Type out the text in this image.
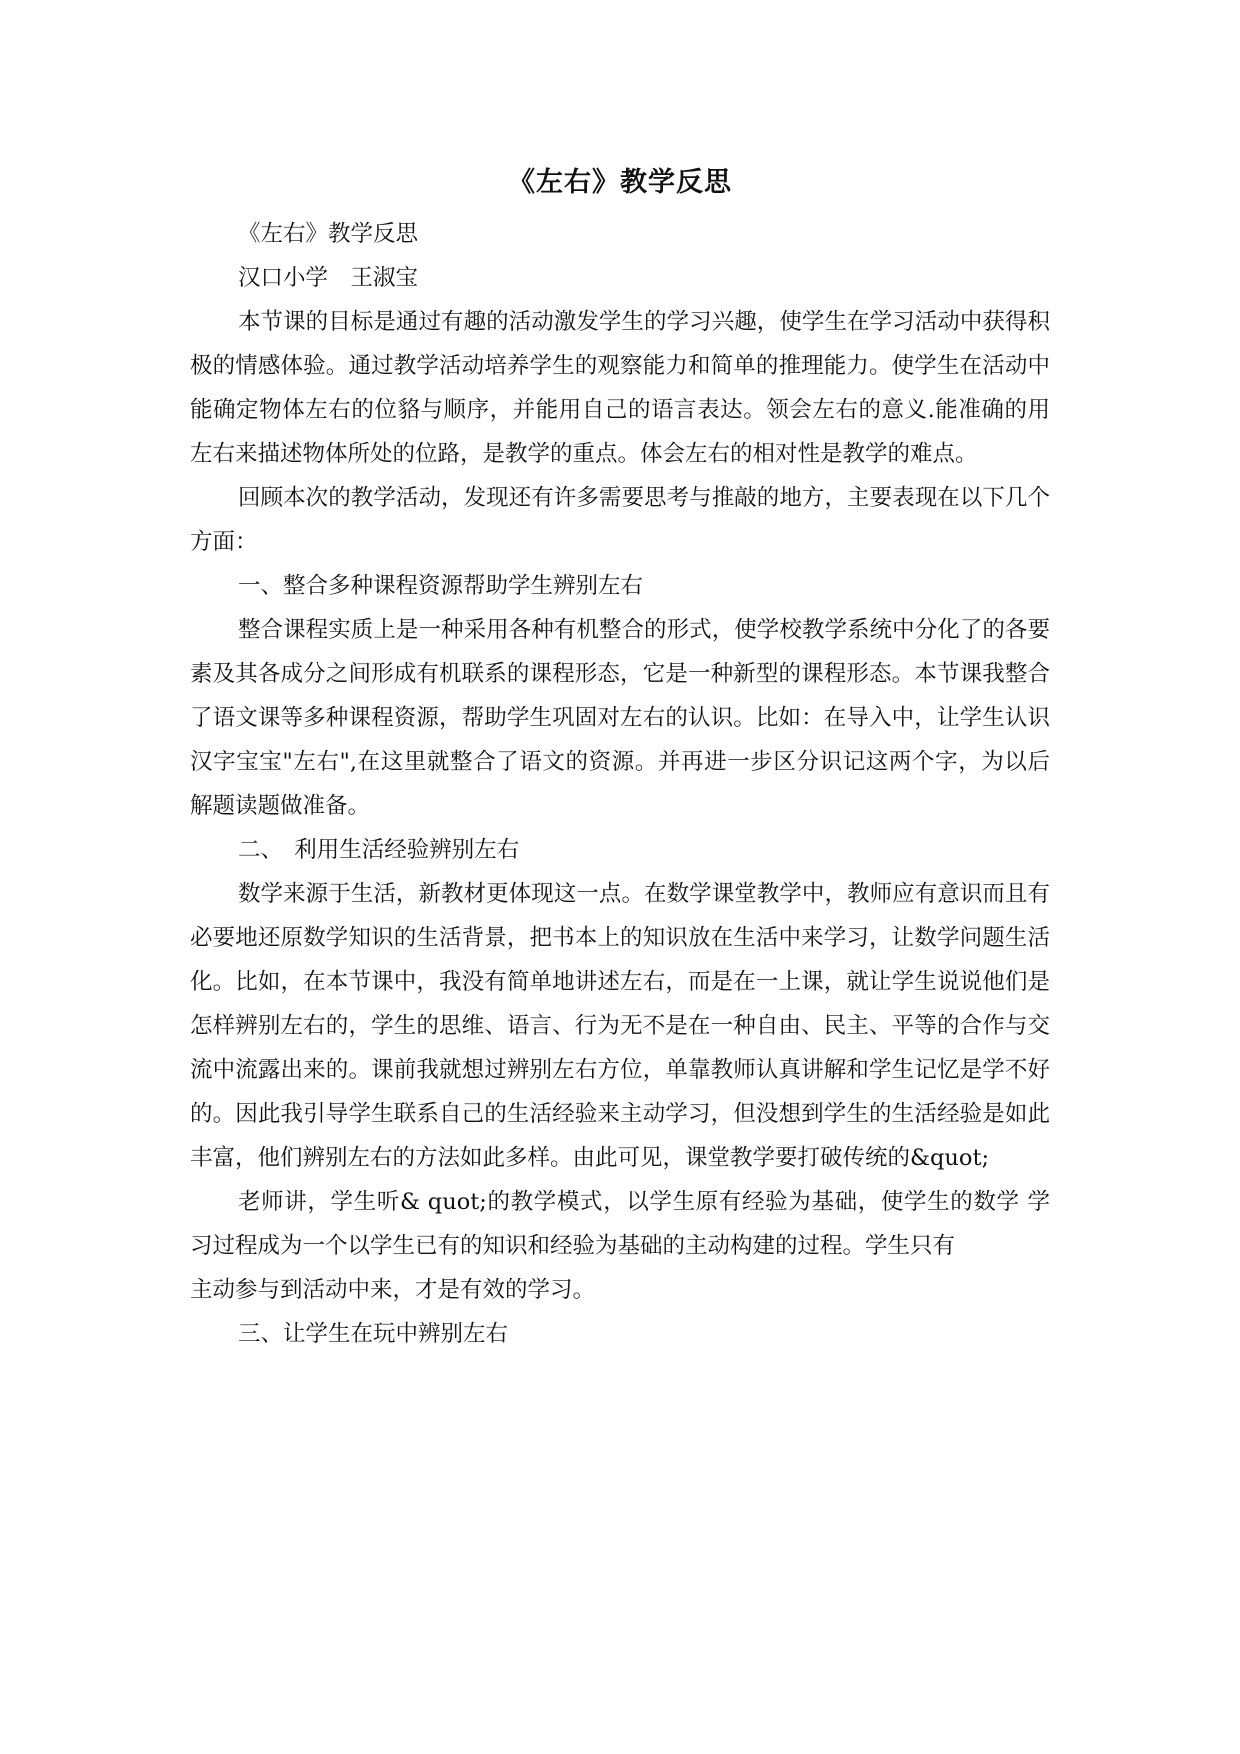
《左右》教学反思

《左右》教学反思

汉口小学　王淑宝

本节课的目标是通过有趣的活动激发学生的学习兴趣，使学生在学习活动中获得积极的情感体验。通过教学活动培养学生的观察能力和简单的推理能力。使学生在活动中能确定物体左右的位貉与顺序，并能用自己的语言表达。领会左右的意义.能准确的用左右来描述物体所处的位路，是教学的重点。体会左右的相对性是教学的难点。

回顾本次的教学活动，发现还有许多需要思考与推敲的地方，主要表现在以下几个方面：

一、整合多种课程资源帮助学生辨别左右

整合课程实质上是一种采用各种有机整合的形式，使学校教学系统中分化了的各要素及其各成分之间形成有机联系的课程形态，它是一种新型的课程形态。本节课我整合了语文课等多种课程资源，帮助学生巩固对左右的认识。比如：在导入中，让学生认识汉字宝宝"左右",在这里就整合了语文的资源。并再进一步区分识记这两个字，为以后解题读题做准备。

二、　利用生活经验辨别左右

数学来源于生活，新教材更体现这一点。在数学课堂教学中，教师应有意识而且有必要地还原数学知识的生活背景，把书本上的知识放在生活中来学习，让数学问题生活化。比如，在本节课中，我没有简单地讲述左右，而是在一上课，就让学生说说他们是怎样辨别左右的，学生的思维、语言、行为无不是在一种自由、民主、平等的合作与交流中流露出来的。课前我就想过辨别左右方位，单靠教师认真讲解和学生记忆是学不好的。因此我引导学生联系自己的生活经验来主动学习，但没想到学生的生活经验是如此丰富，他们辨别左右的方法如此多样。由此可见，课堂教学要打破传统的&quot;

老师讲，学生听& quot;的教学模式，以学生原有经验为基础，使学生的数学 学习过程成为一个以学生已有的知识和经验为基础的主动构建的过程。学生只有

主动参与到活动中来，才是有效的学习。

三、让学生在玩中辨别左右
